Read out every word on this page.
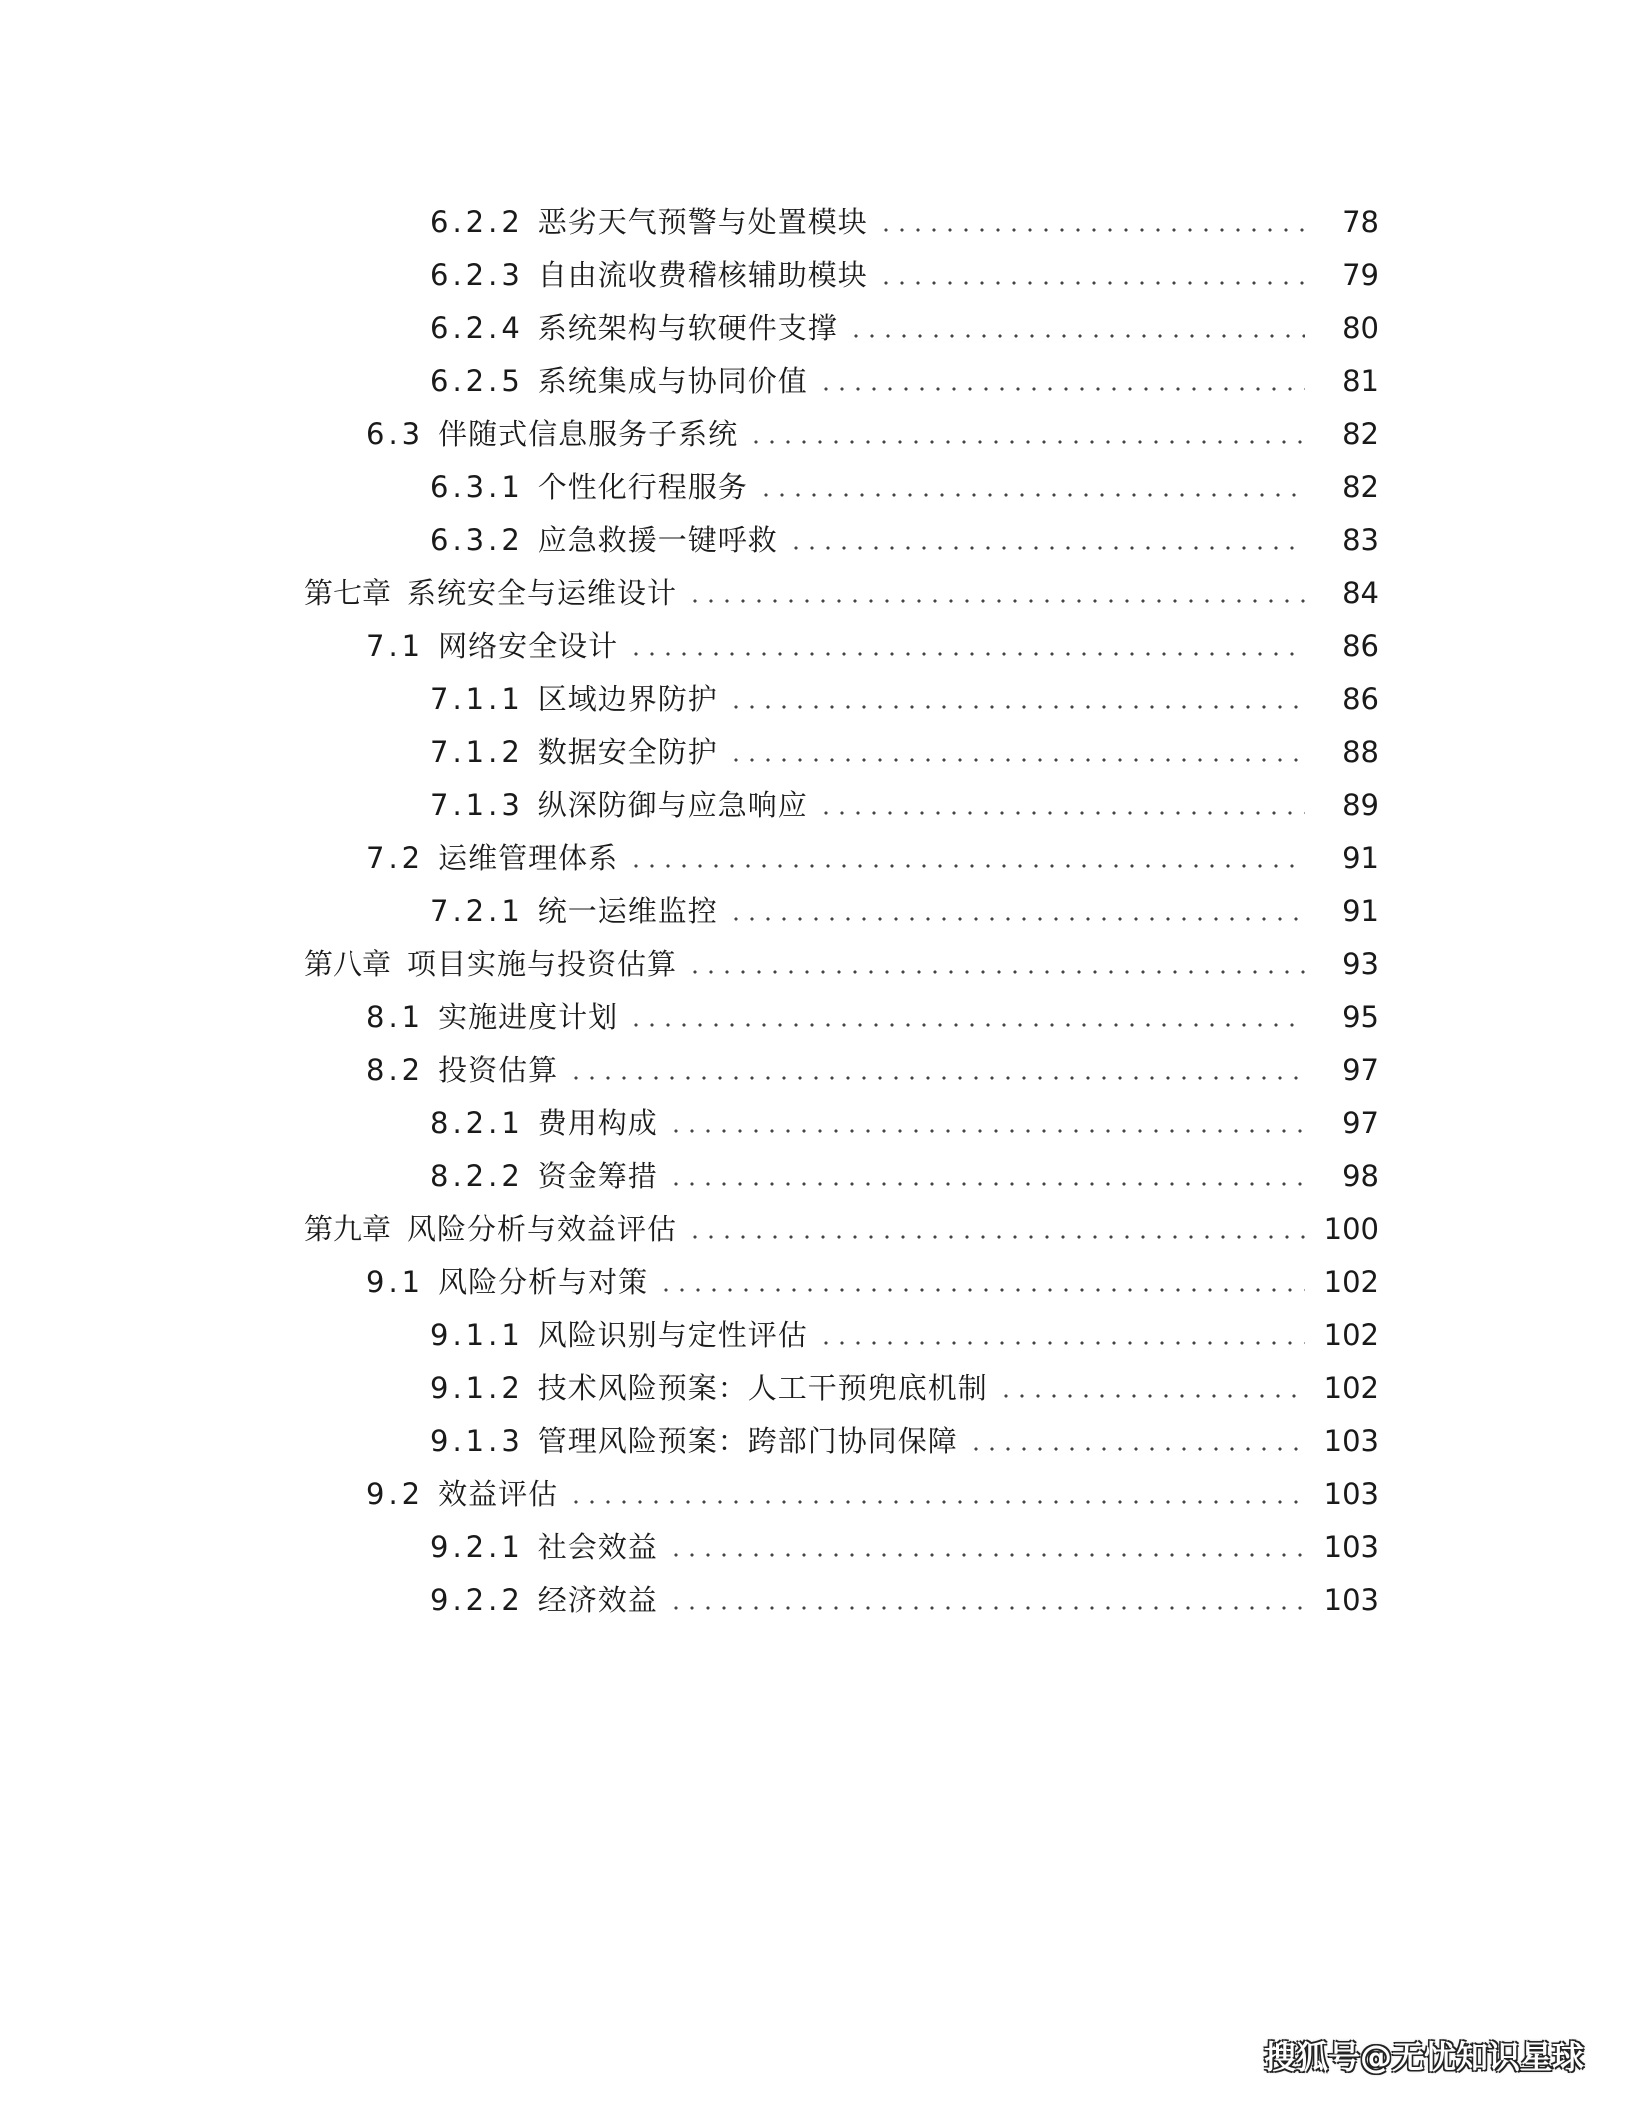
6.2.2 恶劣天气预警与处置模块	78
6.2.3 自由流收费稽核辅助模块	79
6.2.4 系统架构与软硬件支撑	80
6.2.5 系统集成与协同价值	81
6.3 伴随式信息服务子系统	82
6.3.1 个性化行程服务	82
6.3.2 应急救援一键呼救	83
第七章 系统安全与运维设计	84
7.1 网络安全设计	86
7.1.1 区域边界防护	86
7.1.2 数据安全防护	88
7.1.3 纵深防御与应急响应	89
7.2 运维管理体系	91
7.2.1 统一运维监控	91
第八章 项目实施与投资估算	93
8.1 实施进度计划	95
8.2 投资估算	97
8.2.1 费用构成	97
8.2.2 资金筹措	98
第九章 风险分析与效益评估	100
9.1 风险分析与对策	102
9.1.1 风险识别与定性评估	102
9.1.2 技术风险预案：人工干预兜底机制	102
9.1.3 管理风险预案：跨部门协同保障	103
9.2 效益评估	103
9.2.1 社会效益	103
9.2.2 经济效益	103
搜狐号@无忧知识星球
